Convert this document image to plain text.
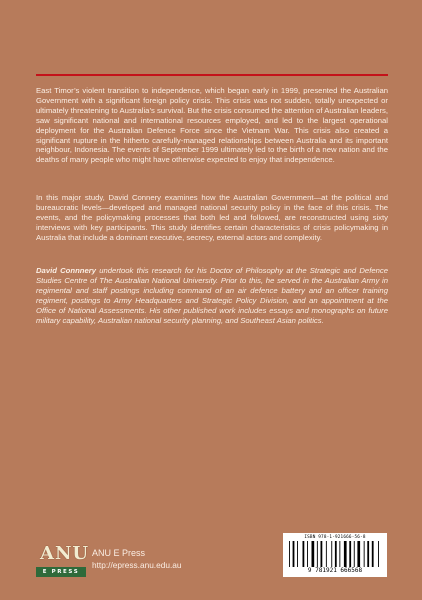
East Timor’s violent transition to independence, which began early in 1999, presented the Australian Government with a significant foreign policy crisis. This crisis was not sudden, totally unexpected or ultimately threatening to Australia’s survival. But the crisis consumed the attention of Australian leaders, saw significant national and international resources employed, and led to the largest operational deployment for the Australian Defence Force since the Vietnam War. This crisis also created a significant rupture in the hitherto carefully-managed relationships between Australia and its important neighbour, Indonesia. The events of September 1999 ultimately led to the birth of a new nation and the deaths of many people who might have otherwise expected to enjoy that independence.

In this major study, David Connery examines how the Australian Government—at the political and bureaucratic levels—developed and managed national security policy in the face of this crisis. The events, and the policymaking processes that both led and followed, are reconstructed using sixty interviews with key participants. This study identifies certain characteristics of crisis policymaking in Australia that include a dominant executive, secrecy, external actors and complexity.

David Connnery undertook this research for his Doctor of Philosophy at the Strategic and Defence Studies Centre of The Australian National University. Prior to this, he served in the Australian Army in regimental and staff postings including command of an air defence battery and an officer training regiment, postings to Army Headquarters and Strategic Policy Division, and an appointment at the Office of National Assessments. His other published work includes essays and monographs on future military capability, Australian national security planning, and Southeast Asian politics.

ANU
E PRESS
ANU E Press
http://epress.anu.edu.au
ISBN 978-1-921666-56-8
9 781921 666568
